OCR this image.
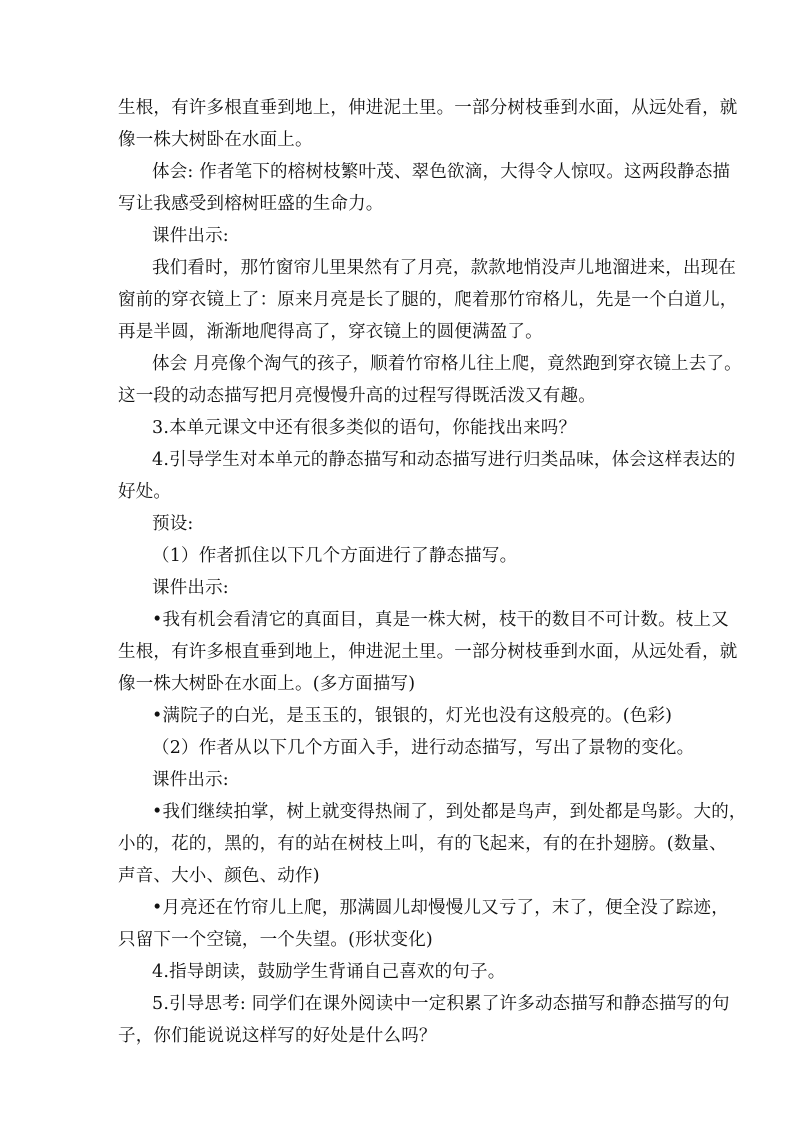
生根，有许多根直垂到地上，伸进泥土里。一部分树枝垂到水面，从远处看，就

像一株大树卧在水面上。

体会: 作者笔下的榕树枝繁叶茂、翠色欲滴，大得令人惊叹。这两段静态描

写让我感受到榕树旺盛的生命力。

课件出示:

我们看时，那竹窗帘儿里果然有了月亮，款款地悄没声儿地溜进来，出现在

窗前的穿衣镜上了：原来月亮是长了腿的，爬着那竹帘格儿，先是一个白道儿，

再是半圆，渐渐地爬得高了，穿衣镜上的圆便满盈了。

体会 月亮像个淘气的孩子，顺着竹帘格儿往上爬，竟然跑到穿衣镜上去了。

这一段的动态描写把月亮慢慢升高的过程写得既活泼又有趣。

3.本单元课文中还有很多类似的语句，你能找出来吗？

4.引导学生对本单元的静态描写和动态描写进行归类品味，体会这样表达的

好处。

预设:

（1）作者抓住以下几个方面进行了静态描写。

课件出示:

•我有机会看清它的真面目，真是一株大树，枝干的数目不可计数。枝上又

生根，有许多根直垂到地上，伸进泥土里。一部分树枝垂到水面，从远处看，就

像一株大树卧在水面上。(多方面描写)

•满院子的白光，是玉玉的，银银的，灯光也没有这般亮的。(色彩)

（2）作者从以下几个方面入手，进行动态描写，写出了景物的变化。

课件出示:

•我们继续拍掌，树上就变得热闹了，到处都是鸟声，到处都是鸟影。大的，

小的，花的，黑的，有的站在树枝上叫，有的飞起来，有的在扑翅膀。(数量、

声音、大小、颜色、动作)

•月亮还在竹帘儿上爬，那满圆儿却慢慢儿又亏了，末了，便全没了踪迹，

只留下一个空镜，一个失望。(形状变化)

4.指导朗读，鼓励学生背诵自己喜欢的句子。

5.引导思考: 同学们在课外阅读中一定积累了许多动态描写和静态描写的句

子，你们能说说这样写的好处是什么吗？
